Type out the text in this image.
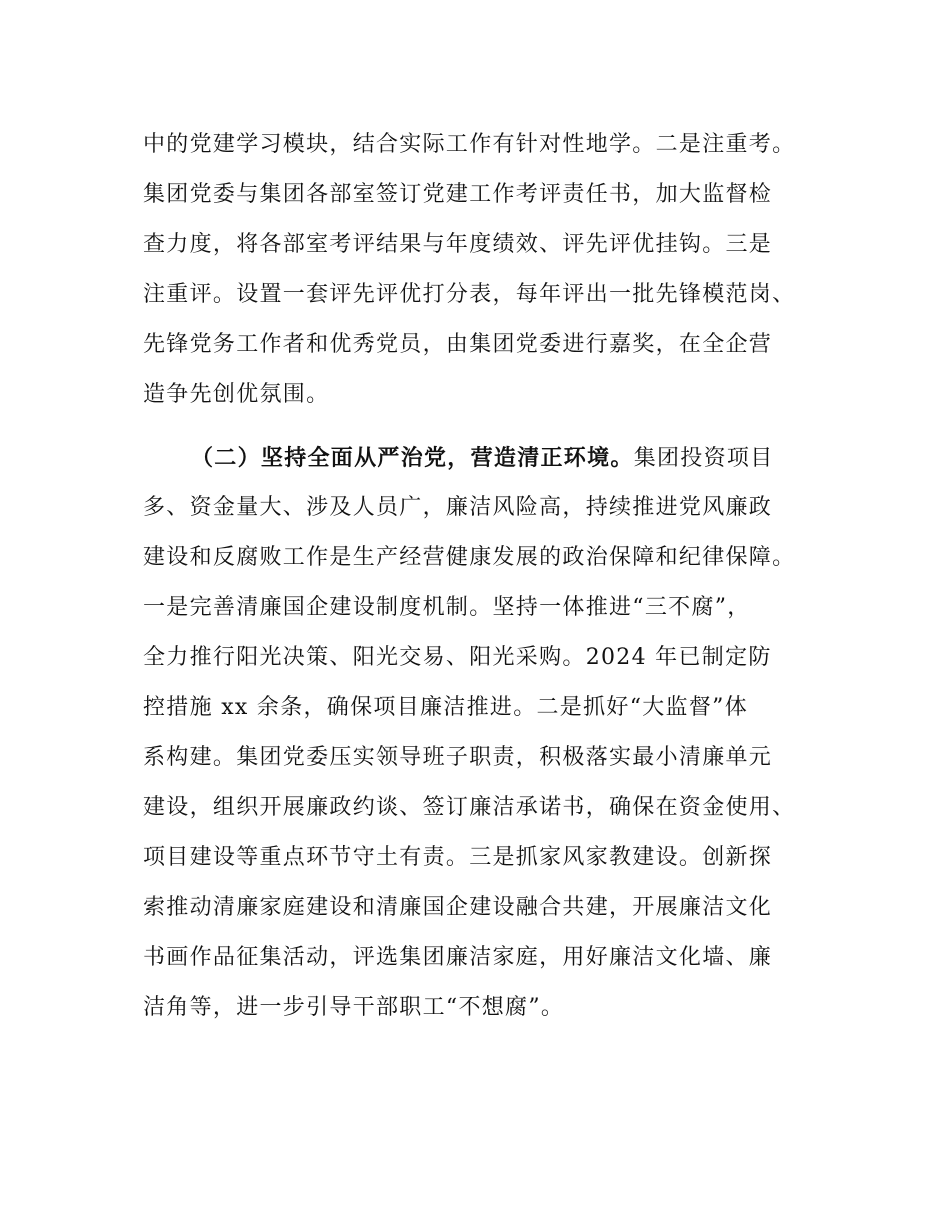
中的党建学习模块，结合实际工作有针对性地学。二是注重考。
集团党委与集团各部室签订党建工作考评责任书，加大监督检
查力度，将各部室考评结果与年度绩效、评先评优挂钩。三是
注重评。设置一套评先评优打分表，每年评出一批先锋模范岗、
先锋党务工作者和优秀党员，由集团党委进行嘉奖，在全企营
造争先创优氛围。
（二）坚持全面从严治党，营造清正环境。集团投资项目
多、资金量大、涉及人员广，廉洁风险高，持续推进党风廉政
建设和反腐败工作是生产经营健康发展的政治保障和纪律保障。
一是完善清廉国企建设制度机制。坚持一体推进“三不腐”，
全力推行阳光决策、阳光交易、阳光采购。2024 年已制定防
控措施 xx 余条，确保项目廉洁推进。二是抓好“大监督”体
系构建。集团党委压实领导班子职责，积极落实最小清廉单元
建设，组织开展廉政约谈、签订廉洁承诺书，确保在资金使用、
项目建设等重点环节守土有责。三是抓家风家教建设。创新探
索推动清廉家庭建设和清廉国企建设融合共建，开展廉洁文化
书画作品征集活动，评选集团廉洁家庭，用好廉洁文化墙、廉
洁角等，进一步引导干部职工“不想腐”。
